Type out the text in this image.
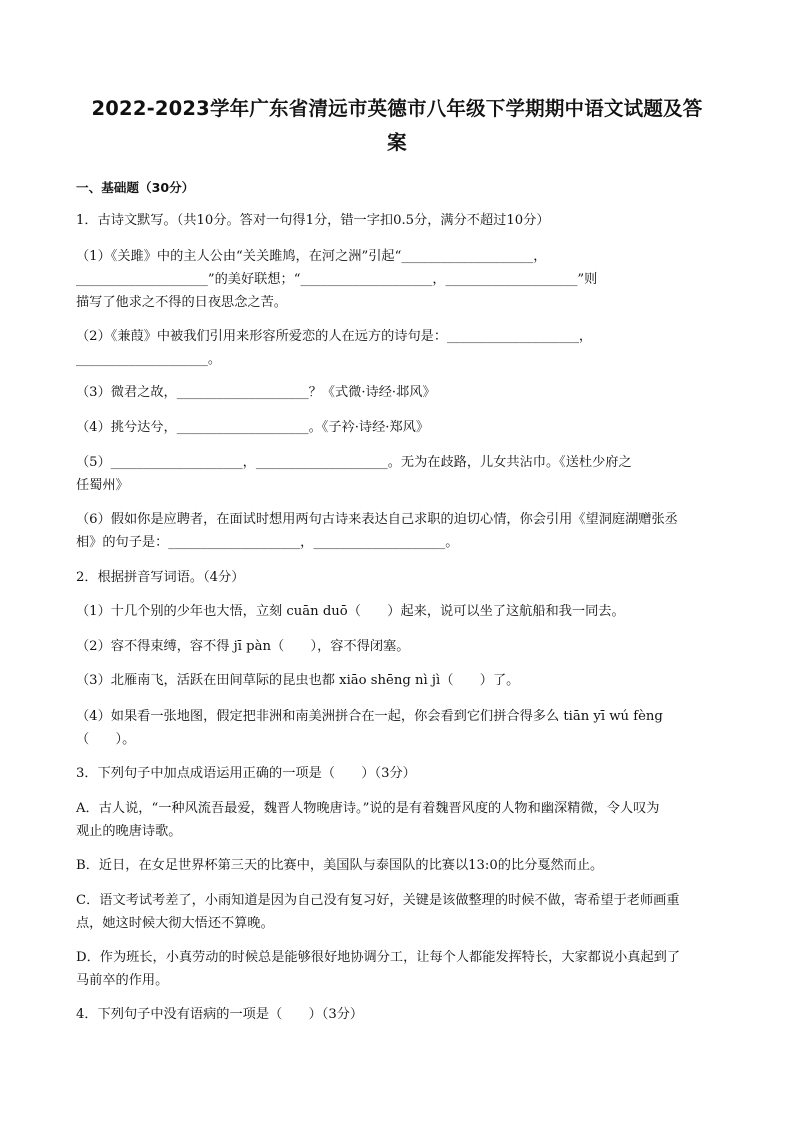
2022-2023学年广东省清远市英德市八年级下学期期中语文试题及答
案
一、基础题（30分）
1．古诗文默写。（共10分。答对一句得1分，错一字扣0.5分，满分不超过10分）
（1）《关雎》中的主人公由“关关雎鸠，在河之洲”引起“____________________，
____________________”的美好联想；“____________________，____________________”则
描写了他求之不得的日夜思念之苦。
（2）《兼葭》中被我们引用来形容所爱恋的人在远方的诗句是：____________________，
____________________。
（3）微君之故，____________________？《式微·诗经·邶风》
（4）挑兮达兮，____________________。《子衿·诗经·郑风》
（5）____________________，____________________。无为在歧路，儿女共沾巾。《送杜少府之
任蜀州》
（6）假如你是应聘者，在面试时想用两句古诗来表达自己求职的迫切心情，你会引用《望洞庭湖赠张丞
相》的句子是：____________________，____________________。
2．根据拼音写词语。（4分）
（1）十几个别的少年也大悟，立刻 cuān duō（　　）起来，说可以坐了这航船和我一同去。
（2）容不得束缚，容不得 jī pàn（　　），容不得闭塞。
（3）北雁南飞，活跃在田间草际的昆虫也都 xiāo shēng nì jì（　　）了。
（4）如果看一张地图，假定把非洲和南美洲拼合在一起，你会看到它们拼合得多么 tiān yī wú fèng
（　　）。
3．下列句子中加点成语运用正确的一项是（　　）（3分）
A．古人说，“一种风流吾最爱，魏晋人物晚唐诗。”说的是有着魏晋风度的人物和幽深精微，令人叹为
观止的晚唐诗歌。
B．近日，在女足世界杯第三天的比赛中，美国队与泰国队的比赛以13:0的比分戛然而止。
C．语文考试考差了，小雨知道是因为自己没有复习好，关键是该做整理的时候不做，寄希望于老师画重
点，她这时候大彻大悟还不算晚。
D．作为班长，小真劳动的时候总是能够很好地协调分工，让每个人都能发挥特长，大家都说小真起到了
马前卒的作用。
4．下列句子中没有语病的一项是（　　）（3分）
